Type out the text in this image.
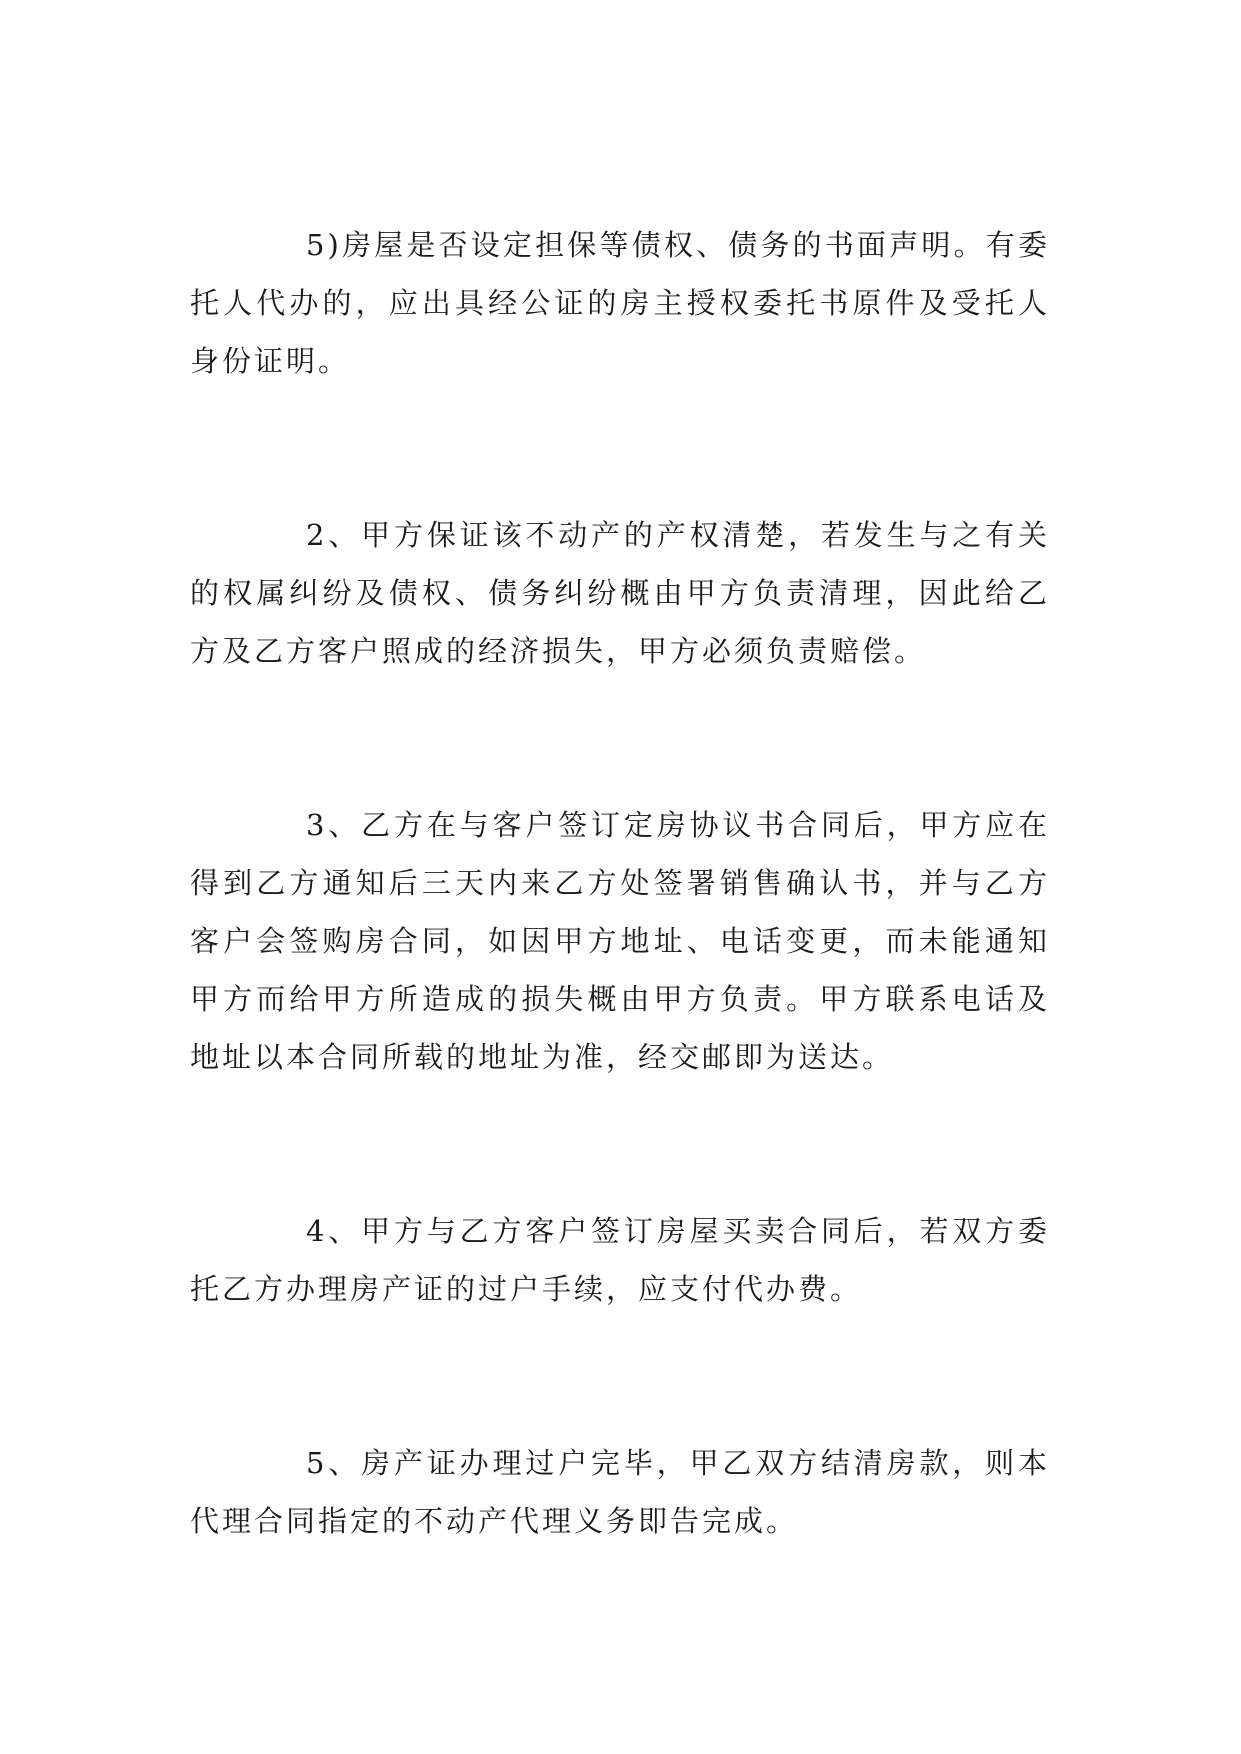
5)房屋是否设定担保等债权、债务的书面声明。有委托人代办的，应出具经公证的房主授权委托书原件及受托人身份证明。

2、甲方保证该不动产的产权清楚，若发生与之有关的权属纠纷及债权、债务纠纷概由甲方负责清理，因此给乙方及乙方客户照成的经济损失，甲方必须负责赔偿。

3、乙方在与客户签订定房协议书合同后，甲方应在得到乙方通知后三天内来乙方处签署销售确认书，并与乙方客户会签购房合同，如因甲方地址、电话变更，而未能通知甲方而给甲方所造成的损失概由甲方负责。甲方联系电话及地址以本合同所载的地址为准，经交邮即为送达。

4、甲方与乙方客户签订房屋买卖合同后，若双方委托乙方办理房产证的过户手续，应支付代办费。

5、房产证办理过户完毕，甲乙双方结清房款，则本代理合同指定的不动产代理义务即告完成。
